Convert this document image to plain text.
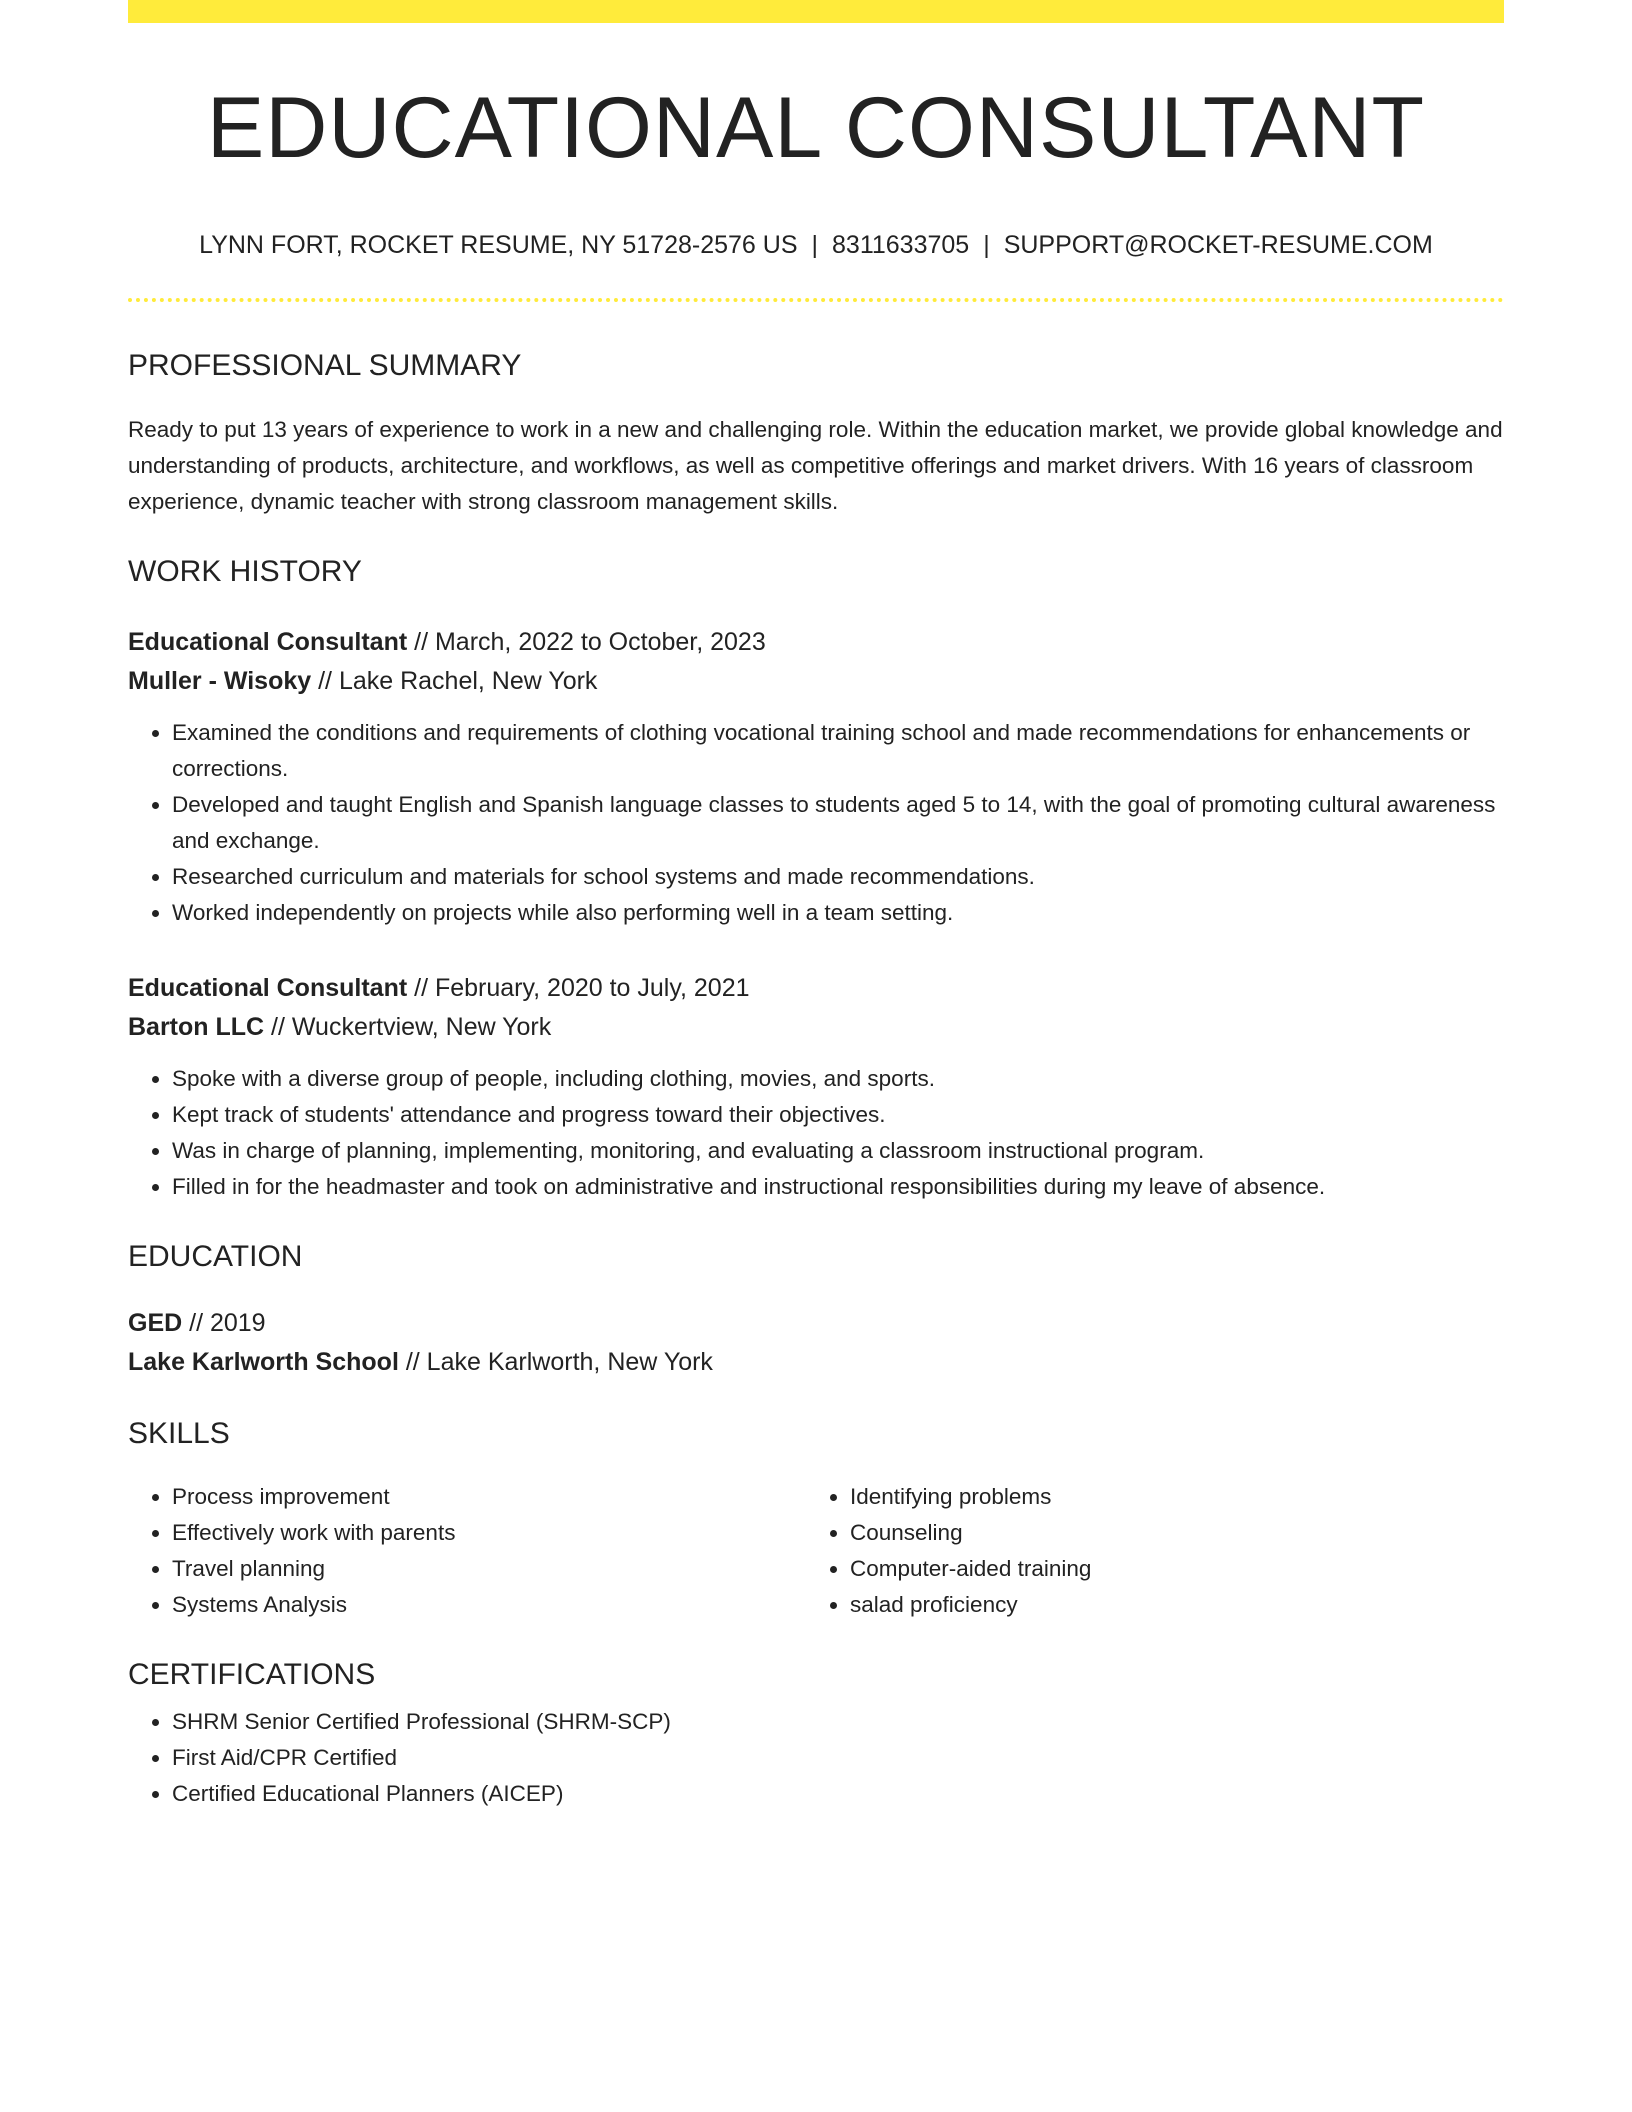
EDUCATIONAL CONSULTANT
LYNN FORT, ROCKET RESUME, NY 51728-2576 US | 8311633705 | SUPPORT@ROCKET-RESUME.COM
PROFESSIONAL SUMMARY
Ready to put 13 years of experience to work in a new and challenging role. Within the education market, we provide global knowledge and understanding of products, architecture, and workflows, as well as competitive offerings and market drivers. With 16 years of classroom experience, dynamic teacher with strong classroom management skills.
WORK HISTORY
Educational Consultant // March, 2022 to October, 2023
Muller - Wisoky // Lake Rachel, New York
• Examined the conditions and requirements of clothing vocational training school and made recommendations for enhancements or corrections.
• Developed and taught English and Spanish language classes to students aged 5 to 14, with the goal of promoting cultural awareness and exchange.
• Researched curriculum and materials for school systems and made recommendations.
• Worked independently on projects while also performing well in a team setting.
Educational Consultant // February, 2020 to July, 2021
Barton LLC // Wuckertview, New York
• Spoke with a diverse group of people, including clothing, movies, and sports.
• Kept track of students' attendance and progress toward their objectives.
• Was in charge of planning, implementing, monitoring, and evaluating a classroom instructional program.
• Filled in for the headmaster and took on administrative and instructional responsibilities during my leave of absence.
EDUCATION
GED // 2019
Lake Karlworth School // Lake Karlworth, New York
SKILLS
• Process improvement
• Effectively work with parents
• Travel planning
• Systems Analysis
• Identifying problems
• Counseling
• Computer-aided training
• salad proficiency
CERTIFICATIONS
• SHRM Senior Certified Professional (SHRM-SCP)
• First Aid/CPR Certified
• Certified Educational Planners (AICEP)
